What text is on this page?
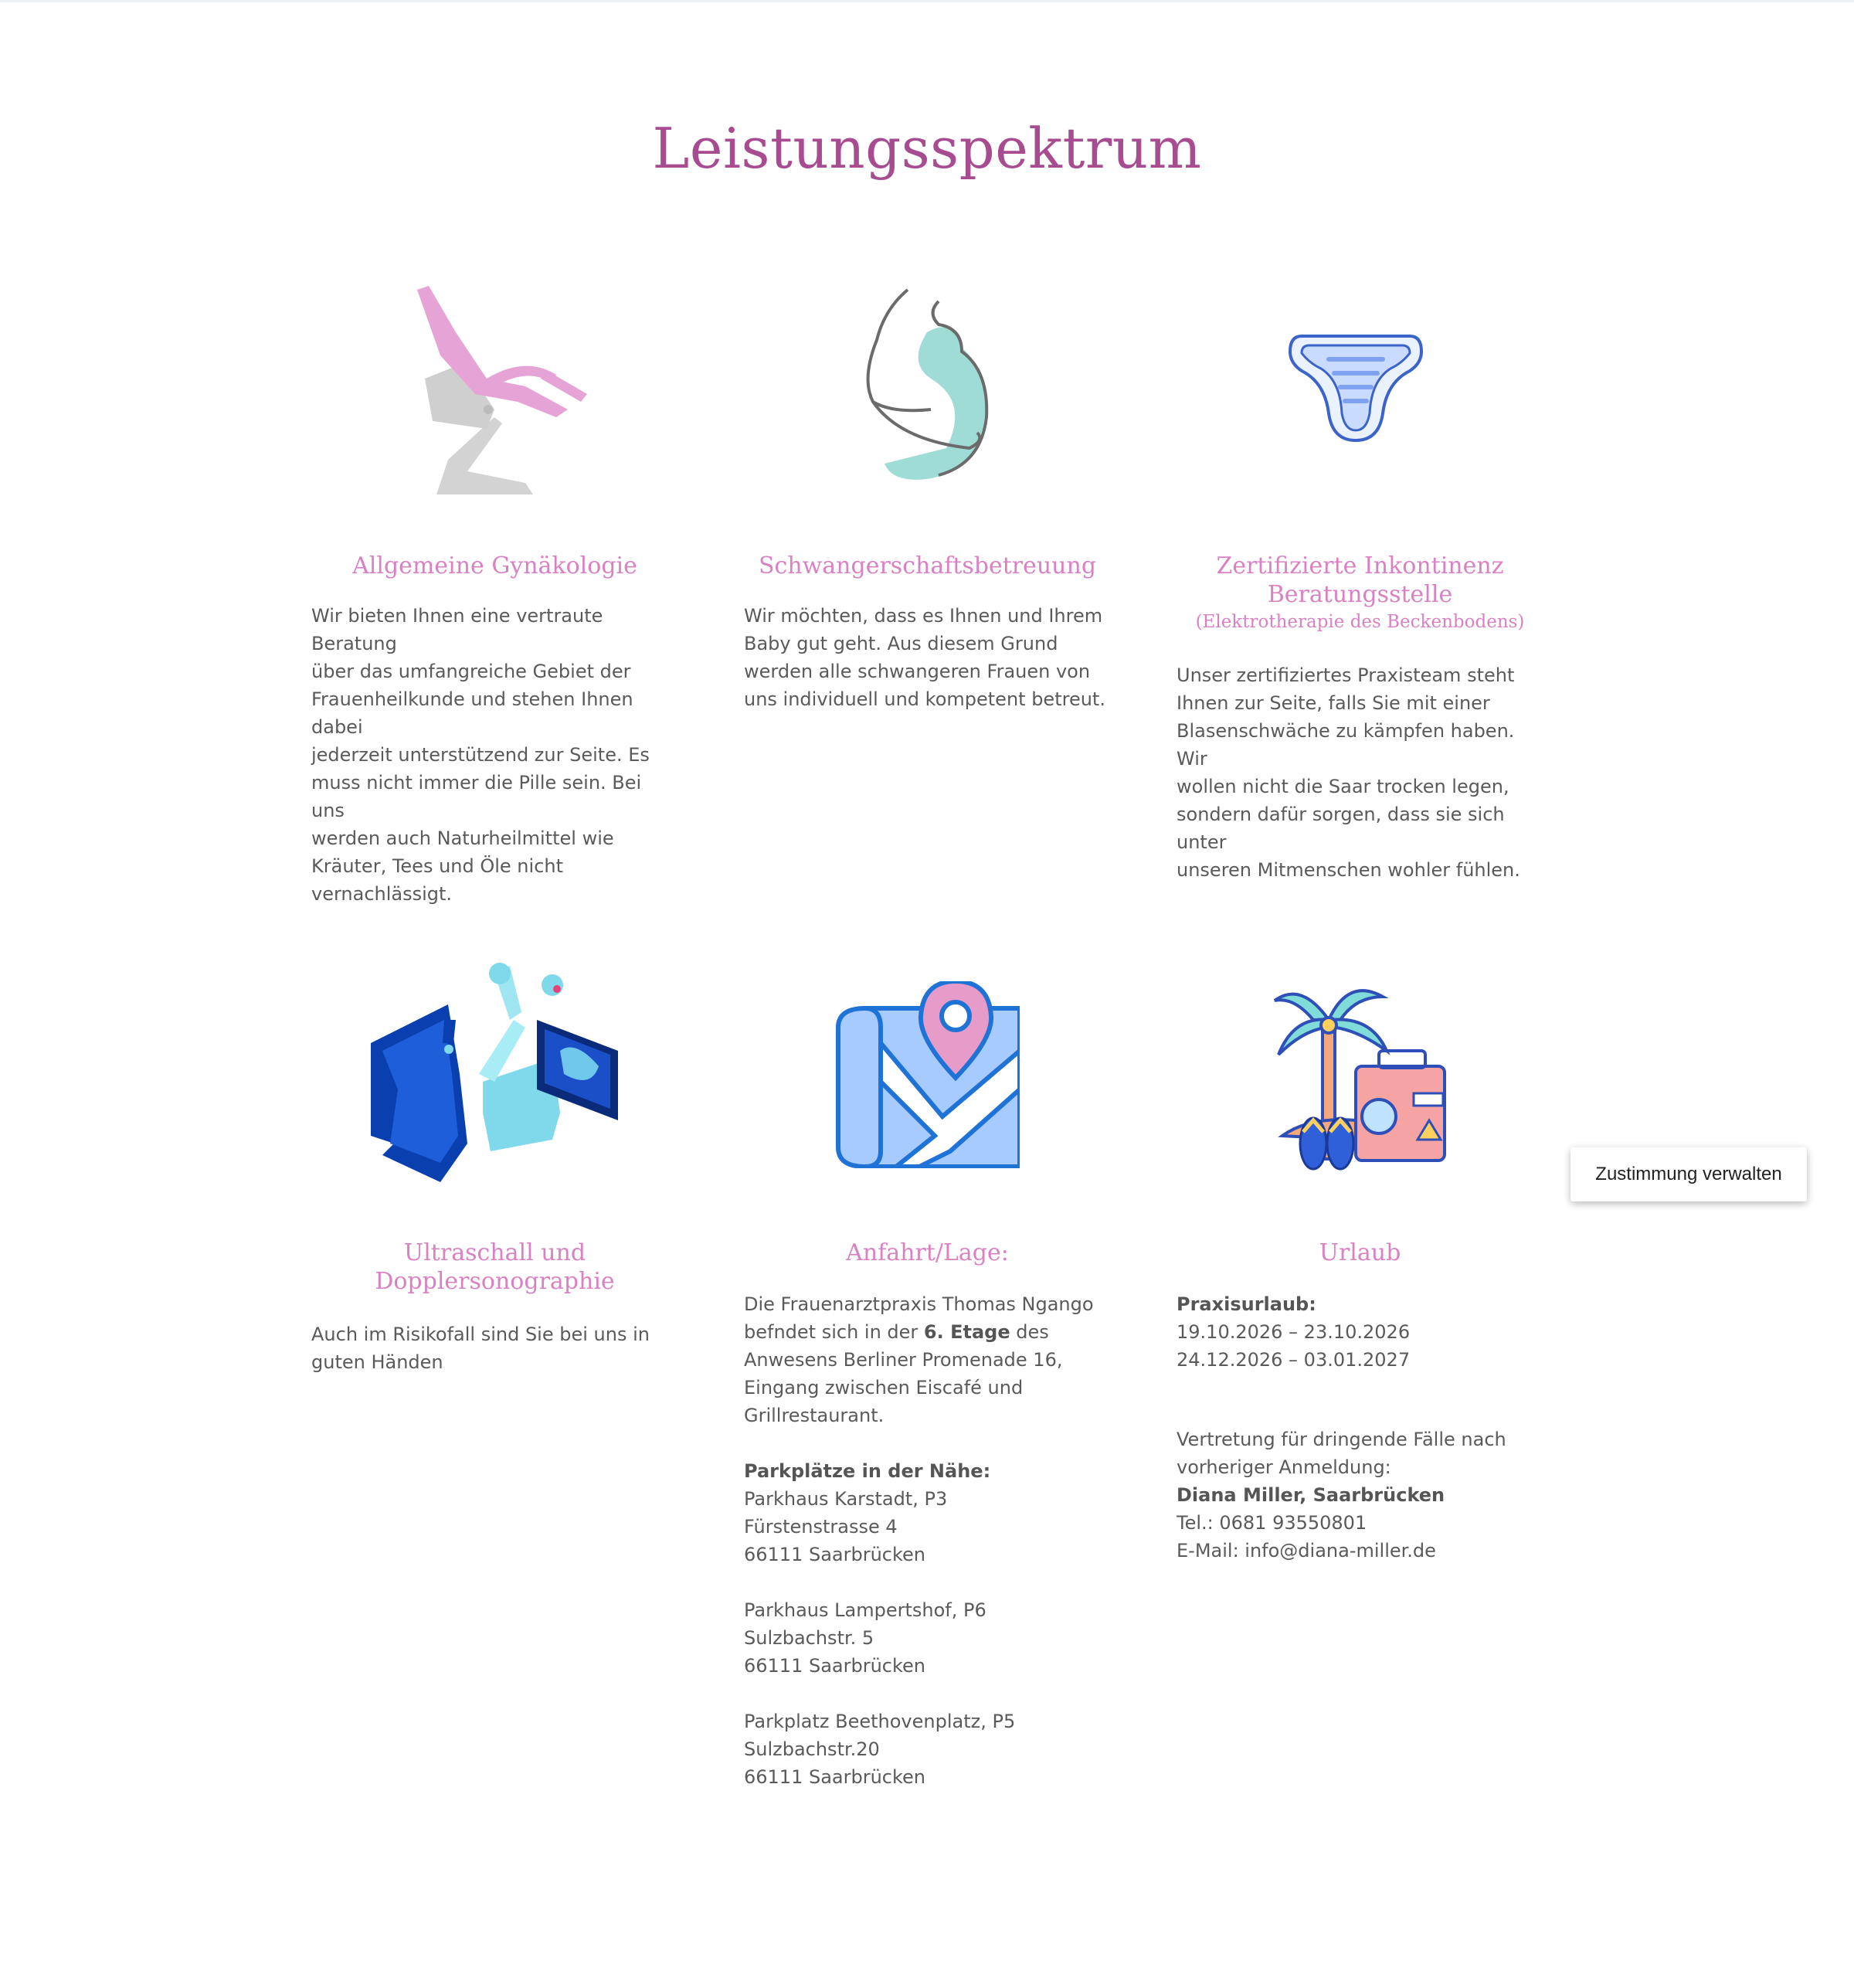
Leistungsspektrum

Allgemeine Gynäkologie

Wir bieten Ihnen eine vertraute Beratung
über das umfangreiche Gebiet der
Frauenheilkunde und stehen Ihnen dabei
jederzeit unterstützend zur Seite. Es
muss nicht immer die Pille sein. Bei uns
werden auch Naturheilmittel wie
Kräuter, Tees und Öle nicht
vernachlässigt.

Schwangerschaftsbetreuung

Wir möchten, dass es Ihnen und Ihrem
Baby gut geht. Aus diesem Grund
werden alle schwangeren Frauen von
uns individuell und kompetent betreut.

Zertifizierte Inkontinenz

Beratungsstelle

(Elektrotherapie des Beckenbodens)

Unser zertifiziertes Praxisteam steht
Ihnen zur Seite, falls Sie mit einer
Blasenschwäche zu kämpfen haben. Wir
wollen nicht die Saar trocken legen,
sondern dafür sorgen, dass sie sich unter
unseren Mitmenschen wohler fühlen.

Ultraschall und

Dopplersonographie

Auch im Risikofall sind Sie bei uns in
guten Händen

Anfahrt/Lage:

Die Frauenarztpraxis Thomas Ngango
befndet sich in der 6. Etage des
Anwesens Berliner Promenade 16,
Eingang zwischen Eiscafé und
Grillrestaurant.
Parkplätze in der Nähe:
Parkhaus Karstadt, P3
Fürstenstrasse 4
66111 Saarbrücken
Parkhaus Lampertshof, P6
Sulzbachstr. 5
66111 Saarbrücken
Parkplatz Beethovenplatz, P5
Sulzbachstr.20
66111 Saarbrücken

Urlaub

Praxisurlaub:
19.10.2026 – 23.10.2026
24.12.2026 – 03.01.2027
Vertretung für dringende Fälle nach
vorheriger Anmeldung:
Diana Miller, Saarbrücken
Tel.: 0681 93550801
E-Mail: info@diana-miller.de

Zustimmung verwalten
